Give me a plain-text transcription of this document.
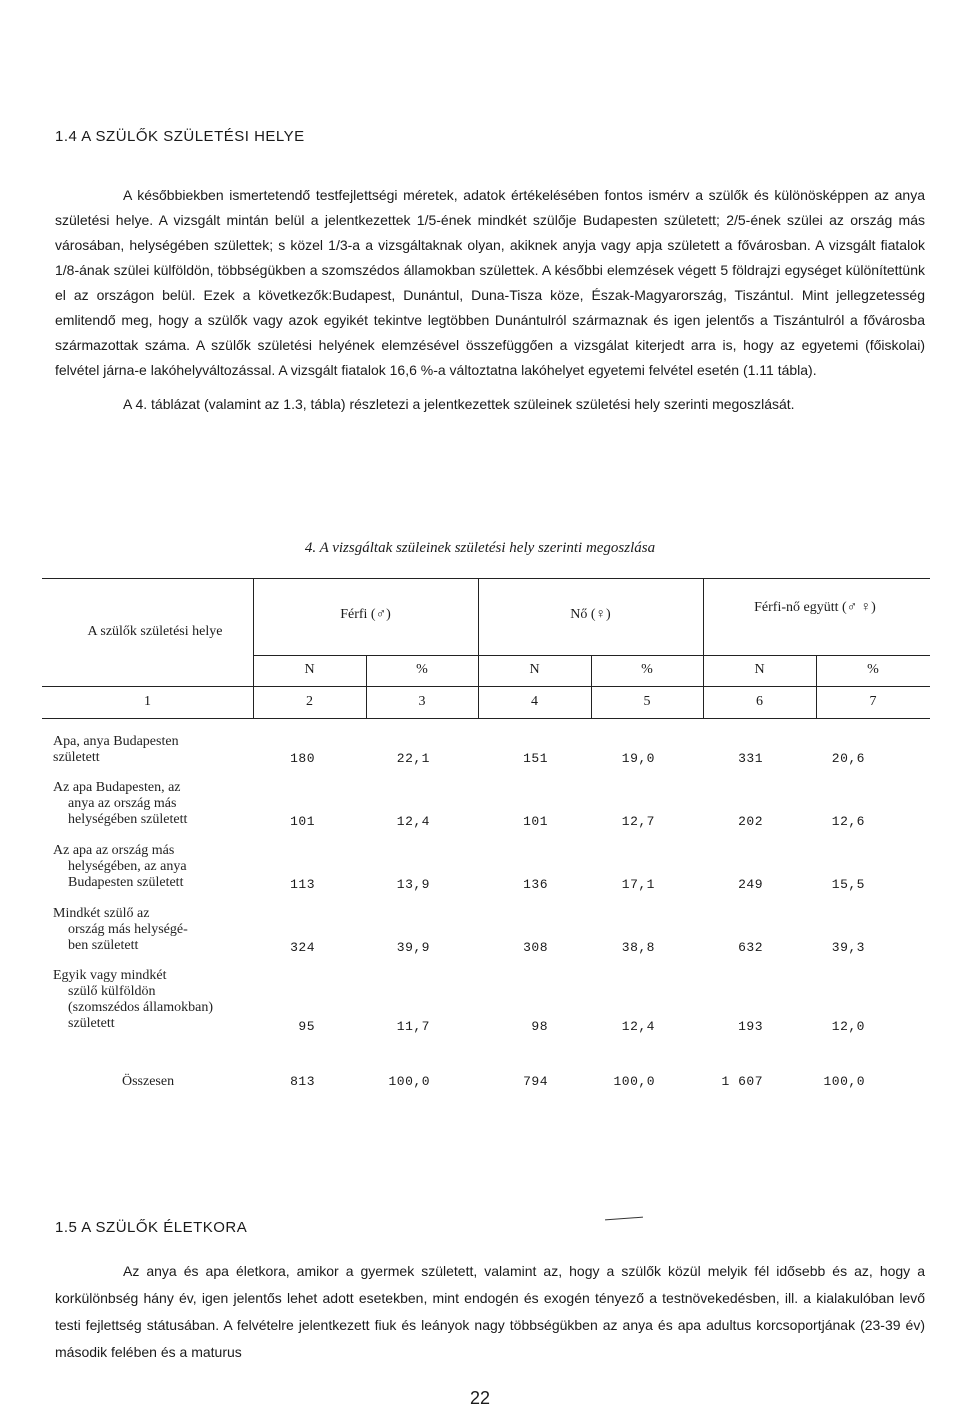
1.4 A SZÜLŐK SZÜLETÉSI HELYE

A későbbiekben ismertetendő testfejlettségi méretek, adatok értékelésében fontos ismérv a szülők és különösképpen az anya születési helye. A vizsgált mintán belül a jelentkezettek 1/5-ének mindkét szülője Budapesten született; 2/5-ének szülei az ország más városában, helységében születtek; s közel 1/3-a a vizsgáltaknak olyan, akiknek anyja vagy apja született a fővárosban. A vizsgált fiatalok 1/8-ának szülei külföldön, többségükben a szomszédos államokban születtek. A későbbi elemzések végett 5 földrajzi egységet különítettünk el az országon belül. Ezek a következők:Budapest, Dunántul, Duna-Tisza köze, Észak-Magyarország, Tiszántul. Mint jellegzetesség emlitendő meg, hogy a szülők vagy azok egyikét tekintve legtöbben Dunántulról származnak és igen jelentős a Tiszántulról a fővárosba származottak száma. A szülők születési helyének elemzésével összefüggően a vizsgálat kiterjedt arra is, hogy az egyetemi (főiskolai) felvétel járna-e lakóhelyváltozással. A vizsgált fiatalok 16,6 %-a változtatna lakóhelyet egyetemi felvétel esetén (1.11 tábla).

A 4. táblázat (valamint az 1.3, tábla) részletezi a jelentkezettek szüleinek születési hely szerinti megoszlását.

4. A vizsgáltak szüleinek születési hely szerinti megoszlása
A szülők születési helye
Férfi (♂)	Nő (♀)	Férfi-nő együtt (♂ ♀)
N	%	N	%	N	%
1	2	3	4	5	6	7
Apa, anya Budapesten
született	180	22,1	151	19,0	331	20,6
Az apa Budapesten, az
anya az ország más
helységében született	101	12,4	101	12,7	202	12,6
Az apa az ország más
helységében, az anya
Budapesten született	113	13,9	136	17,1	249	15,5
Mindkét szülő az
ország más helységé-
ben született	324	39,9	308	38,8	632	39,3
Egyik vagy mindkét
szülő külföldön
(szomszédos államokban)
született	95	11,7	98	12,4	193	12,0
Összesen	813	100,0	794	100,0	1 607	100,0
1.5 A SZÜLŐK ÉLETKORA

Az anya és apa életkora, amikor a gyermek született, valamint az, hogy a szülők közül melyik fél idősebb és az, hogy a korkülönbség hány év, igen jelentős lehet adott esetekben, mint endogén és exogén tényező a testnövekedésben, ill. a kialakulóban levő testi fejlettség státusában. A felvételre jelentkezett fiuk és leányok nagy többségükben az anya és apa adultus korcsoportjának (23-39 év) második felében és a maturus

22
